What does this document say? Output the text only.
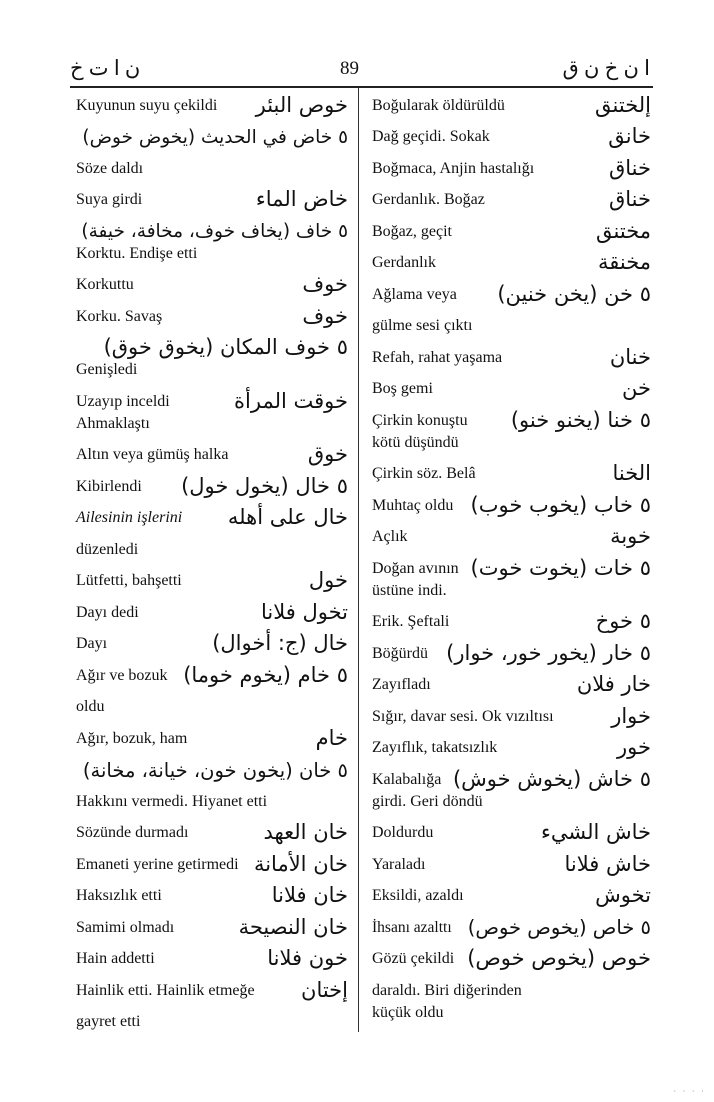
ن ا ت خ	89	ا ن خ ن ق
Kuyunun suyu çekildi خوص البئر
٥ خاض في الحديث (يخوض خوض)
Söze daldı
Suya girdi	خاض الماء
٥ خاف (يخاف خوف، مخافة، خيفة)
Korktu. Endişe etti
Korkuttu	خوف
Korku. Savaş	خوف
٥ خوف المكان (يخوق خوق)
Genişledi
Uzayıp inceldi	خوقت المرأة
Ahmaklaştı
Altın veya gümüş halka	خوق
Kibirlendi ٥ خال (يخول خول)
Ailesinin işlerini خال على أهله
düzenledi
Lütfetti, bahşetti	خول
Dayı dedi	تخول فلانا
Dayı	خال (ج: أخوال)
Ağır ve bozuk ٥ خام (يخوم خوما)
oldu
Ağır, bozuk, ham	خام
٥ خان (يخون خون، خيانة، مخانة)
Hakkını vermedi. Hiyanet etti
Sözünde durmadı	خان العهد
Emaneti yerine getirmedi خان الأمانة
Haksızlık etti	خان فلانا
Samimi olmadı	خان النصيحة
Hain addetti	خون فلانا
Hainlik etti. Hainlik etmeğe إختان
gayret etti
Boğularak öldürüldü	إلختنق
Dağ geçidi. Sokak	خانق
Boğmaca, Anjin hastalığı	خناق
Gerdanlık. Boğaz	خناق
Boğaz, geçit	مختنق
Gerdanlık	مخنقة
Ağlama veya ٥ خن (يخن خنين)
gülme sesi çıktı
Refah, rahat yaşama	خنان
Boş gemi	خن
Çirkin konuştu ٥ خنا (يخنو خنو)
kötü düşündü
Çirkin söz. Belâ	الخنا
Muhtaç oldu ٥ خاب (يخوب خوب)
Açlık	خوبة
Doğan avının ٥ خات (يخوت خوت)
üstüne indi.
Erik. Şeftali	٥ خوخ
Böğürdü ٥ خار (يخور خور، خوار)
Zayıfladı	خار فلان
Sığır, davar sesi. Ok vızıltısı	خوار
Zayıflık, takatsızlık	خور
Kalabalığa ٥ خاش (يخوش خوش)
girdi. Geri döndü
Doldurdu	خاش الشيء
Yaraladı	خاش فلانا
Eksildi, azaldı	تخوش
İhsanı azalttı ٥ خاص (يخوص خوص)
Gözü çekildi خوص (يخوص خوص)
daraldı. Biri diğerinden
küçük oldu
· · · ·
